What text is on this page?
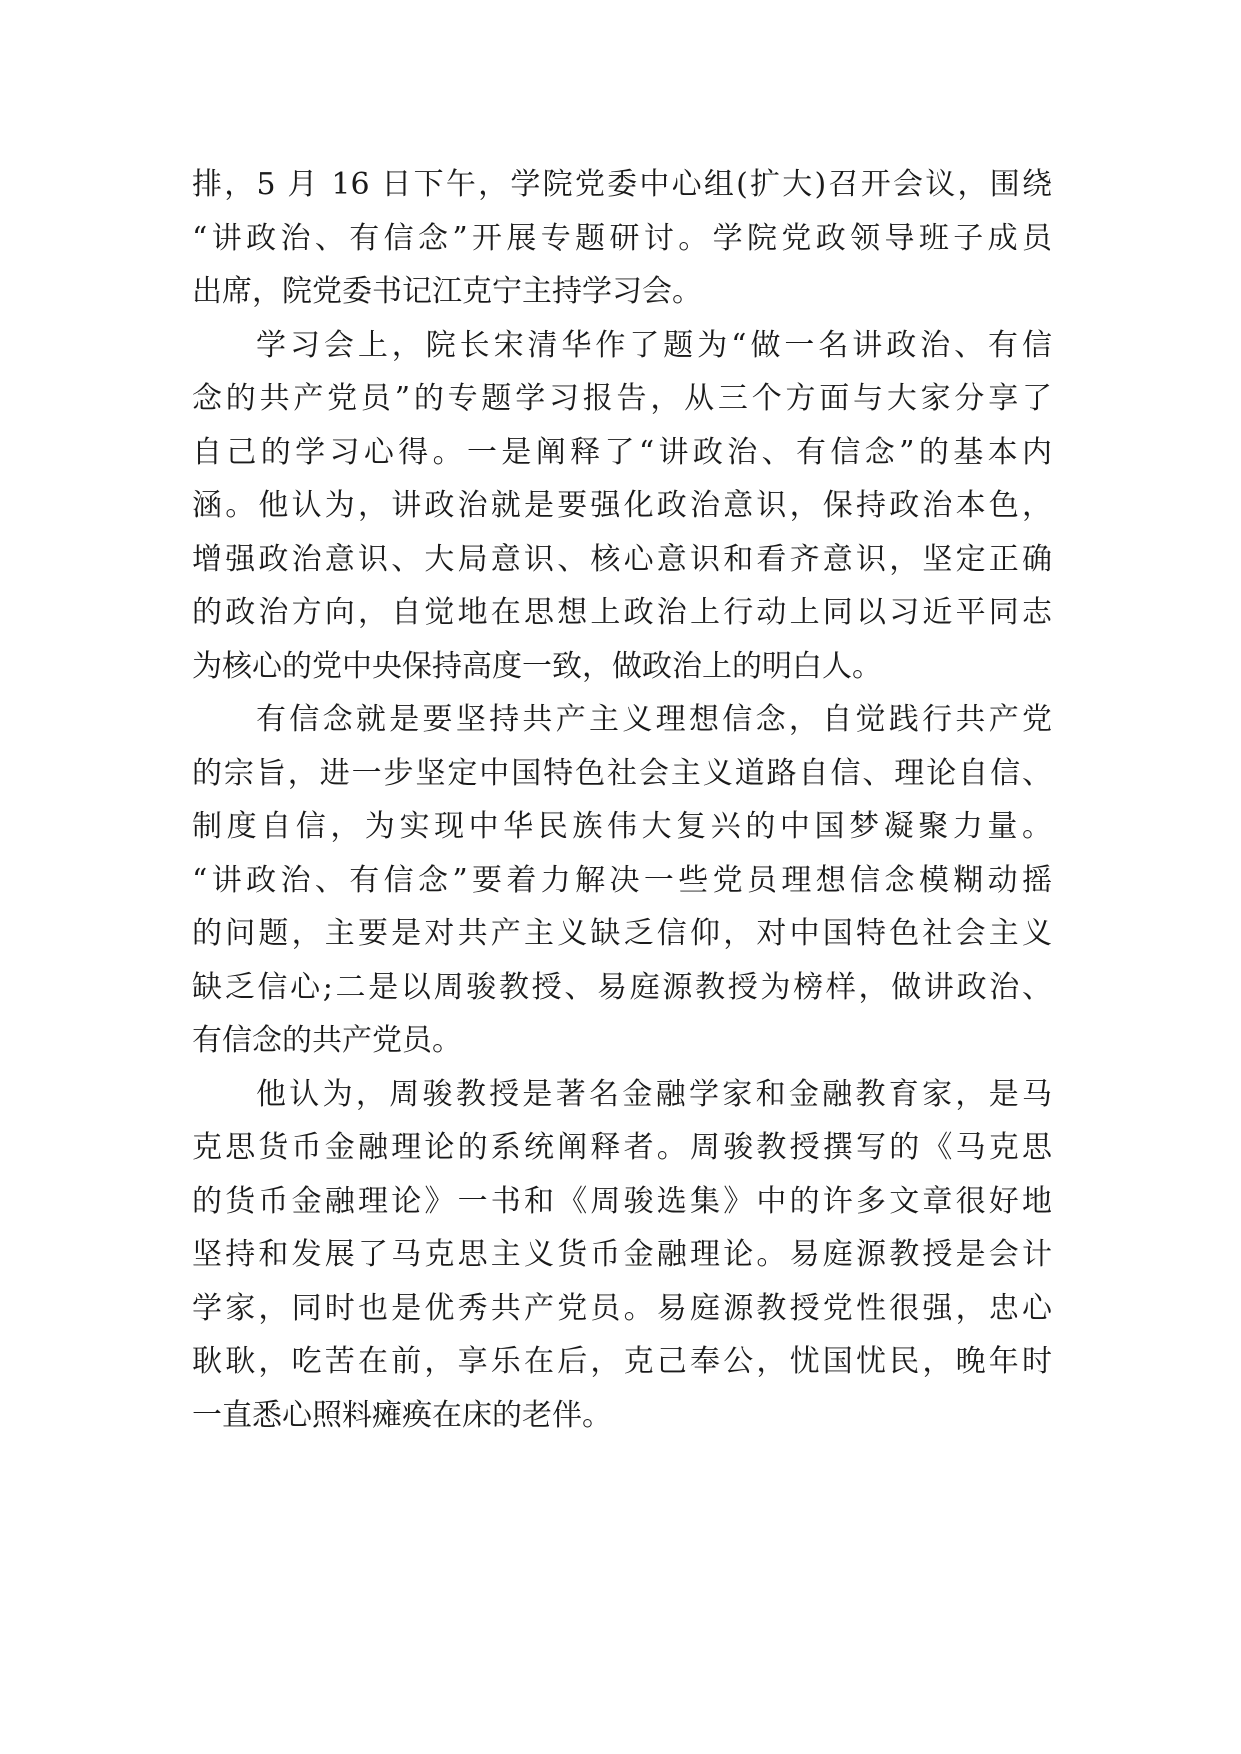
排，5 月 16 日下午，学院党委中心组(扩大)召开会议，围绕
“讲政治、有信念”开展专题研讨。学院党政领导班子成员
出席，院党委书记江克宁主持学习会。
学习会上，院长宋清华作了题为“做一名讲政治、有信
念的共产党员”的专题学习报告，从三个方面与大家分享了
自己的学习心得。一是阐释了“讲政治、有信念”的基本内
涵。他认为，讲政治就是要强化政治意识，保持政治本色，
增强政治意识、大局意识、核心意识和看齐意识，坚定正确
的政治方向，自觉地在思想上政治上行动上同以习近平同志
为核心的党中央保持高度一致，做政治上的明白人。
有信念就是要坚持共产主义理想信念，自觉践行共产党
的宗旨，进一步坚定中国特色社会主义道路自信、理论自信、
制度自信，为实现中华民族伟大复兴的中国梦凝聚力量。
“讲政治、有信念”要着力解决一些党员理想信念模糊动摇
的问题，主要是对共产主义缺乏信仰，对中国特色社会主义
缺乏信心;二是以周骏教授、易庭源教授为榜样，做讲政治、
有信念的共产党员。
他认为，周骏教授是著名金融学家和金融教育家，是马
克思货币金融理论的系统阐释者。周骏教授撰写的《马克思
的货币金融理论》一书和《周骏选集》中的许多文章很好地
坚持和发展了马克思主义货币金融理论。易庭源教授是会计
学家，同时也是优秀共产党员。易庭源教授党性很强，忠心
耿耿，吃苦在前，享乐在后，克己奉公，忧国忧民，晚年时
一直悉心照料瘫痪在床的老伴。
